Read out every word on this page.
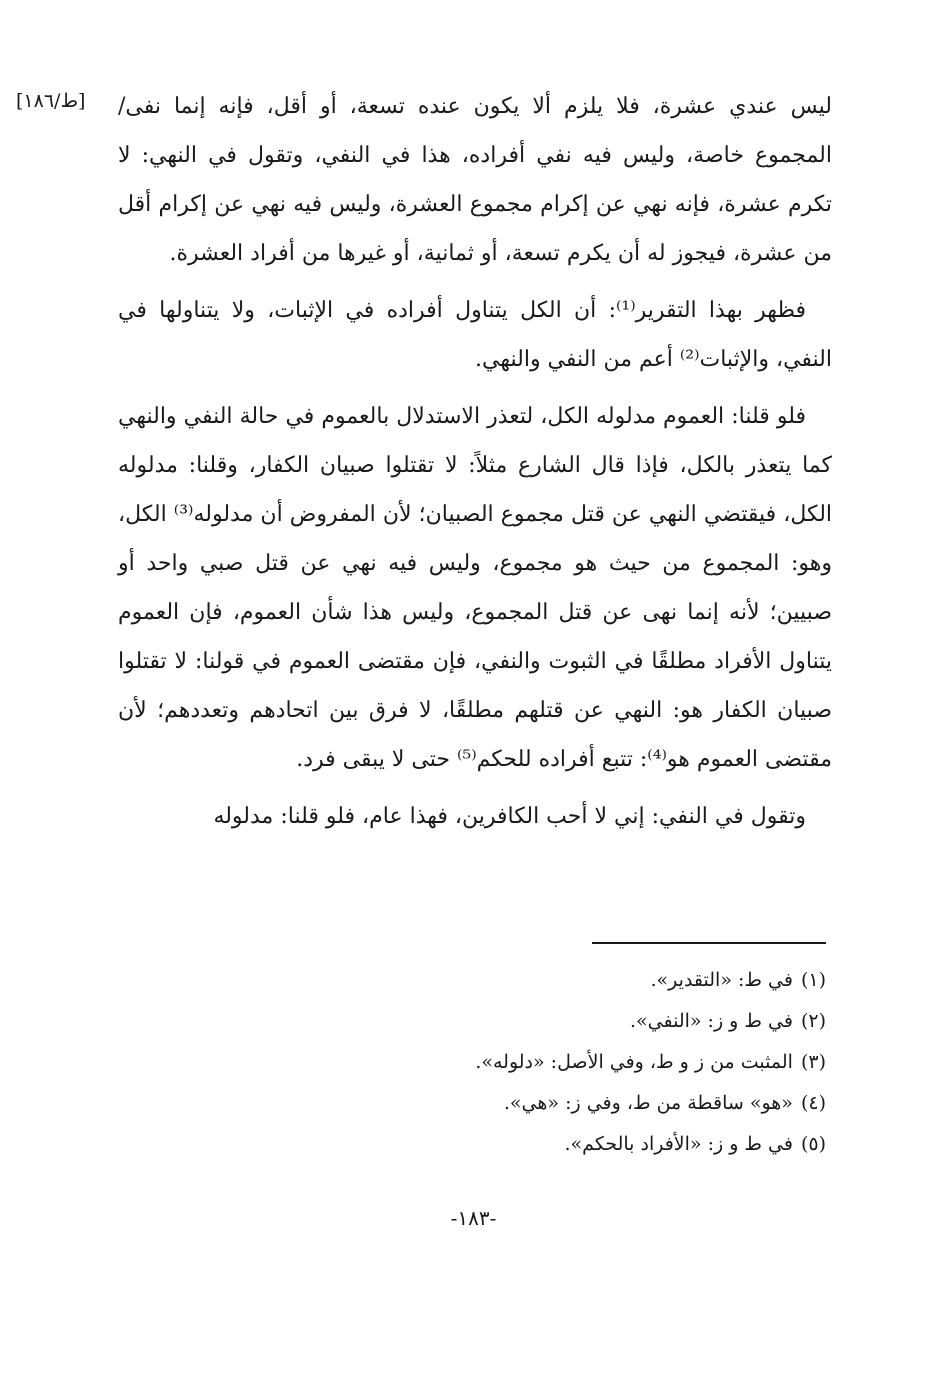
[ط/١٨٦]	ليس عندي عشرة، فلا يلزم ألا يكون عنده تسعة، أو أقل، فإنه إنما نفى/ المجموع خاصة، وليس فيه نفي أفراده، هذا في النفي، وتقول في النهي: لا تكرم عشرة، فإنه نهي عن إكرام مجموع العشرة، وليس فيه نهي عن إكرام أقل من عشرة، فيجوز له أن يكرم تسعة، أو ثمانية، أو غيرها من أفراد العشرة.

فظهر بهذا التقرير⁽¹⁾: أن الكل يتناول أفراده في الإثبات، ولا يتناولها في النفي، والإثبات⁽²⁾ أعم من النفي والنهي.

فلو قلنا: العموم مدلوله الكل، لتعذر الاستدلال بالعموم في حالة النفي والنهي كما يتعذر بالكل، فإذا قال الشارع مثلاً: لا تقتلوا صبيان الكفار، وقلنا: مدلوله الكل، فيقتضي النهي عن قتل مجموع الصبيان؛ لأن المفروض أن مدلوله⁽³⁾ الكل، وهو: المجموع من حيث هو مجموع، وليس فيه نهي عن قتل صبي واحد أو صبيين؛ لأنه إنما نهى عن قتل المجموع، وليس هذا شأن العموم، فإن العموم يتناول الأفراد مطلقًا في الثبوت والنفي، فإن مقتضى العموم في قولنا: لا تقتلوا صبيان الكفار هو: النهي عن قتلهم مطلقًا، لا فرق بين اتحادهم وتعددهم؛ لأن مقتضى العموم هو⁽⁴⁾: تتبع أفراده للحكم⁽⁵⁾ حتى لا يبقى فرد.

وتقول في النفي: إني لا أحب الكافرين، فهذا عام، فلو قلنا: مدلوله

(١)في ط: «التقدير».
(٢)في ط و ز: «النفي».
(٣)المثبت من ز و ط، وفي الأصل: «دلوله».
(٤)«هو» ساقطة من ط، وفي ز: «هي».
(٥)في ط و ز: «الأفراد بالحكم».
-١٨٣-
